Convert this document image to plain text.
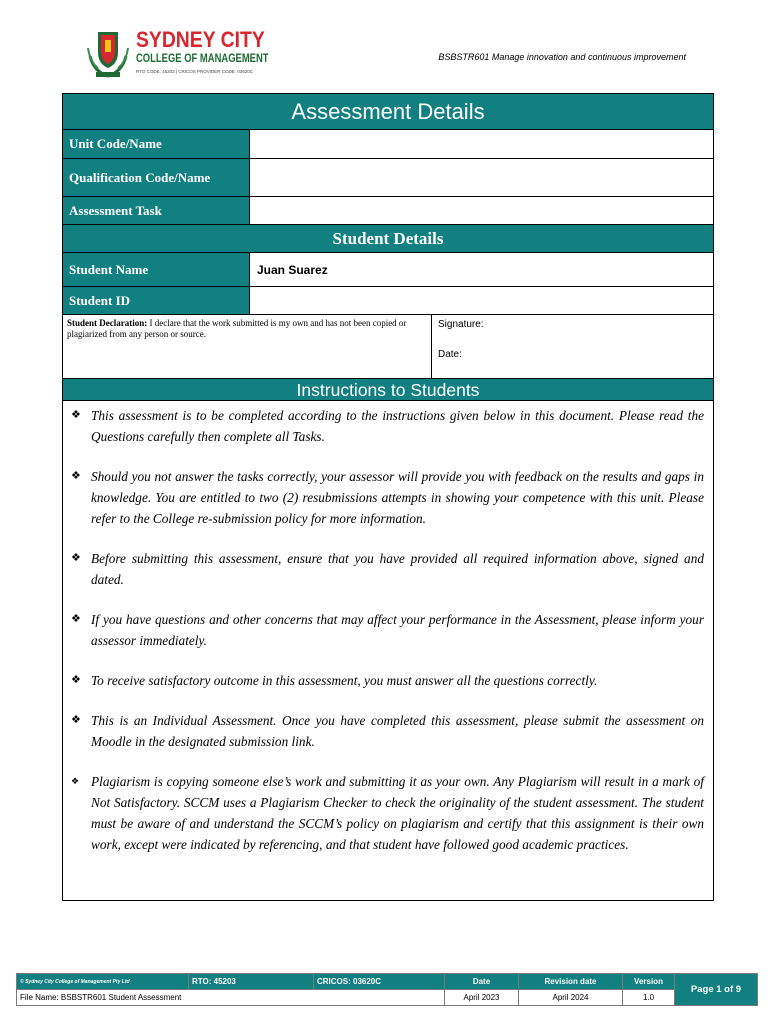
SYDNEY CITY
COLLEGE OF MANAGEMENT
RTO CODE: 45203 | CRICOS PROVIDER CODE: 03620C
BSBSTR601 Manage innovation and continuous improvement
Assessment Details
Unit Code/Name
Qualification Code/Name
Assessment Task
Student Details
Student Name	Juan Suarez
Student ID
Student Declaration: I declare that the work submitted is my own and has not been copied or plagiarized from any person or source.
Signature:
Date:
Instructions to Students
❖ This assessment is to be completed according to the instructions given below in this document. Please read the Questions carefully then complete all Tasks.
❖ Should you not answer the tasks correctly, your assessor will provide you with feedback on the results and gaps in knowledge. You are entitled to two (2) resubmissions attempts in showing your competence with this unit. Please refer to the College re-submission policy for more information.
❖ Before submitting this assessment, ensure that you have provided all required information above, signed and dated.
❖ If you have questions and other concerns that may affect your performance in the Assessment, please inform your assessor immediately.
❖ To receive satisfactory outcome in this assessment, you must answer all the questions correctly.
❖ This is an Individual Assessment. Once you have completed this assessment, please submit the assessment on Moodle in the designated submission link.
❖ Plagiarism is copying someone else’s work and submitting it as your own. Any Plagiarism will result in a mark of Not Satisfactory. SCCM uses a Plagiarism Checker to check the originality of the student assessment. The student must be aware of and understand the SCCM’s policy on plagiarism and certify that this assignment is their own work, except were indicated by referencing, and that student have followed good academic practices.
© Sydney City College of Management Pty Ltd	RTO: 45203	CRICOS: 03620C	Date	Revision date	Version	Page 1 of 9
File Name: BSBSTR601 Student Assessment			April 2023	April 2024	1.0	
